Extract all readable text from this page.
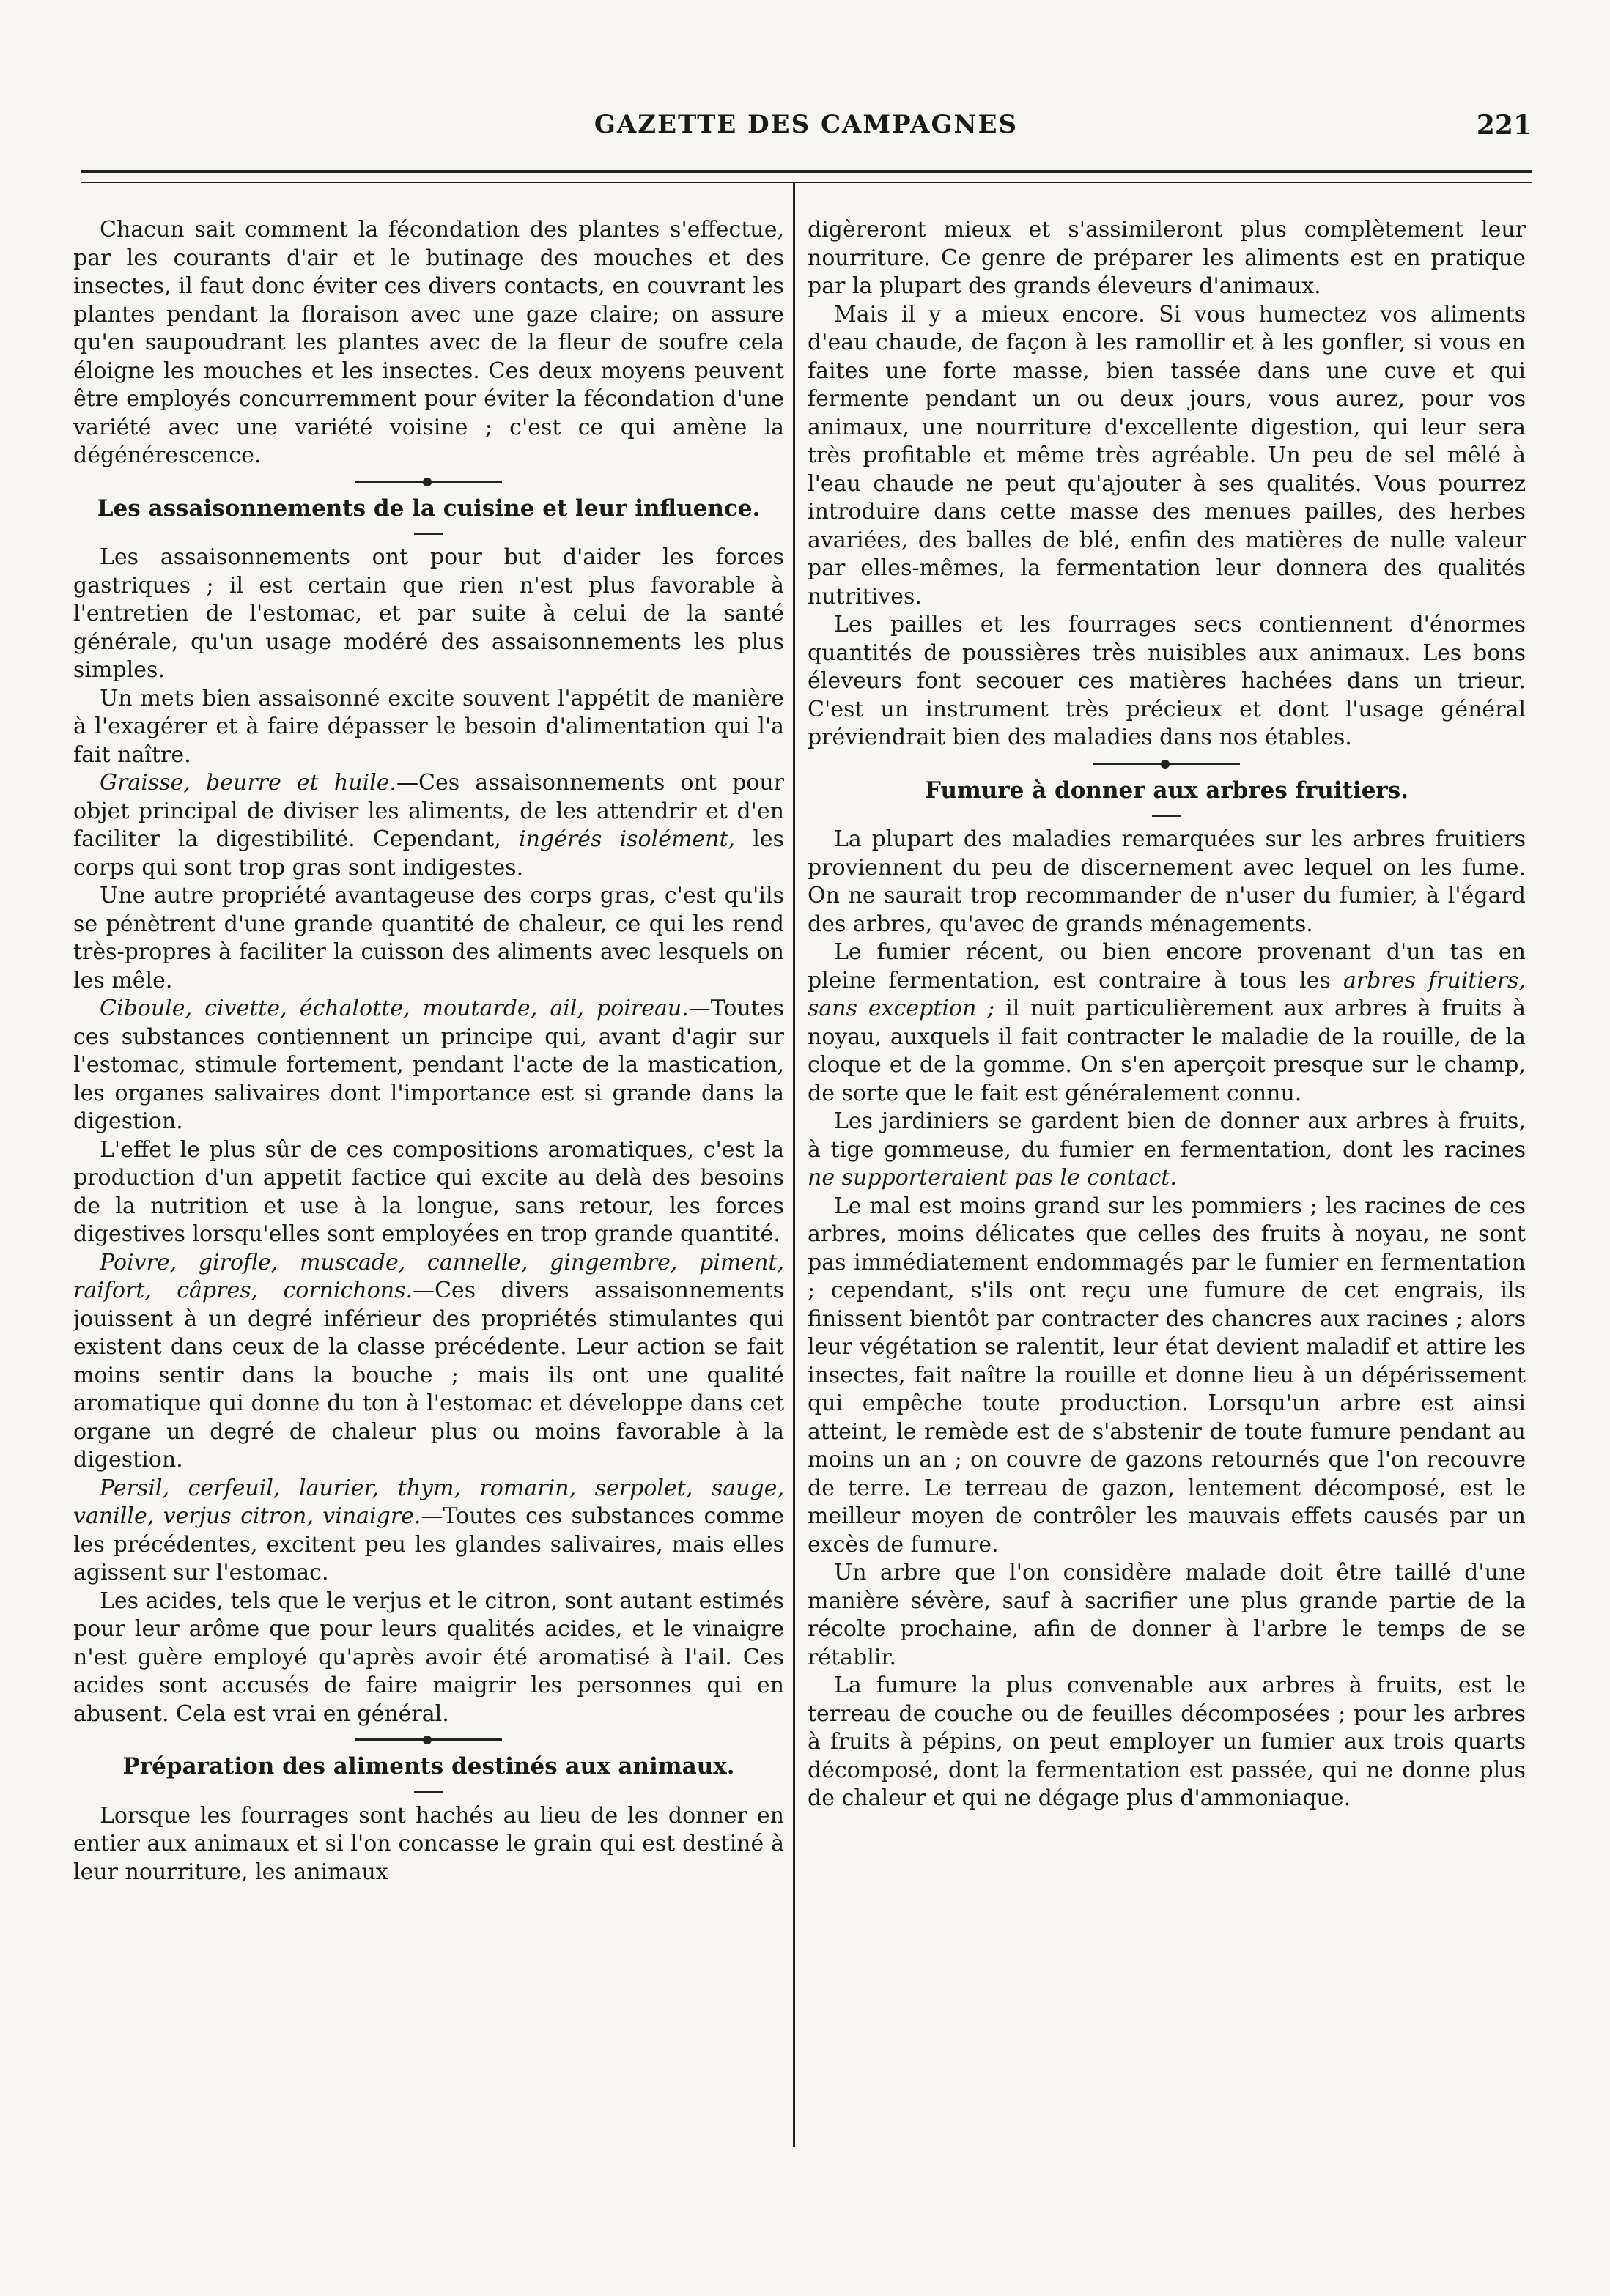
GAZETTE DES CAMPAGNES	221

Chacun sait comment la fécondation des plantes s'effectue, par les courants d'air et le butinage des mouches et des insectes, il faut donc éviter ces divers contacts, en couvrant les plantes pendant la floraison avec une gaze claire; on assure qu'en saupoudrant les plantes avec de la fleur de soufre cela éloigne les mouches et les insectes. Ces deux moyens peuvent être employés concurremment pour éviter la fécondation d'une variété avec une variété voisine ; c'est ce qui amène la dégénérescence.

Les assaisonnements de la cuisine et leur influence.

Les assaisonnements ont pour but d'aider les forces gastriques ; il est certain que rien n'est plus favorable à l'entretien de l'estomac, et par suite à celui de la santé générale, qu'un usage modéré des assaisonnements les plus simples.

Un mets bien assaisonné excite souvent l'appétit de manière à l'exagérer et à faire dépasser le besoin d'alimentation qui l'a fait naître.

Graisse, beurre et huile.—Ces assaisonnements ont pour objet principal de diviser les aliments, de les attendrir et d'en faciliter la digestibilité. Cependant, ingérés isolément, les corps qui sont trop gras sont indigestes.

Une autre propriété avantageuse des corps gras, c'est qu'ils se pénètrent d'une grande quantité de chaleur, ce qui les rend très-propres à faciliter la cuisson des aliments avec lesquels on les mêle.

Ciboule, civette, échalotte, moutarde, ail, poireau.—Toutes ces substances contiennent un principe qui, avant d'agir sur l'estomac, stimule fortement, pendant l'acte de la mastication, les organes salivaires dont l'importance est si grande dans la digestion.

L'effet le plus sûr de ces compositions aromatiques, c'est la production d'un appetit factice qui excite au delà des besoins de la nutrition et use à la longue, sans retour, les forces digestives lorsqu'elles sont employées en trop grande quantité.

Poivre, girofle, muscade, cannelle, gingembre, piment, raifort, câpres, cornichons.—Ces divers assaisonnements jouissent à un degré inférieur des propriétés stimulantes qui existent dans ceux de la classe précédente. Leur action se fait moins sentir dans la bouche ; mais ils ont une qualité aromatique qui donne du ton à l'estomac et développe dans cet organe un degré de chaleur plus ou moins favorable à la digestion.

Persil, cerfeuil, laurier, thym, romarin, serpolet, sauge, vanille, verjus citron, vinaigre.—Toutes ces substances comme les précédentes, excitent peu les glandes salivaires, mais elles agissent sur l'estomac.

Les acides, tels que le verjus et le citron, sont autant estimés pour leur arôme que pour leurs qualités acides, et le vinaigre n'est guère employé qu'après avoir été aromatisé à l'ail. Ces acides sont accusés de faire maigrir les personnes qui en abusent. Cela est vrai en général.

Préparation des aliments destinés aux animaux.

Lorsque les fourrages sont hachés au lieu de les donner en entier aux animaux et si l'on concasse le grain qui est destiné à leur nourriture, les animaux

digèreront mieux et s'assimileront plus complètement leur nourriture. Ce genre de préparer les aliments est en pratique par la plupart des grands éleveurs d'animaux.

Mais il y a mieux encore. Si vous humectez vos aliments d'eau chaude, de façon à les ramollir et à les gonfler, si vous en faites une forte masse, bien tassée dans une cuve et qui fermente pendant un ou deux jours, vous aurez, pour vos animaux, une nourriture d'excellente digestion, qui leur sera très profitable et même très agréable. Un peu de sel mêlé à l'eau chaude ne peut qu'ajouter à ses qualités. Vous pourrez introduire dans cette masse des menues pailles, des herbes avariées, des balles de blé, enfin des matières de nulle valeur par elles-mêmes, la fermentation leur donnera des qualités nutritives.

Les pailles et les fourrages secs contiennent d'énormes quantités de poussières très nuisibles aux animaux. Les bons éleveurs font secouer ces matières hachées dans un trieur. C'est un instrument très précieux et dont l'usage général préviendrait bien des maladies dans nos étables.

Fumure à donner aux arbres fruitiers.

La plupart des maladies remarquées sur les arbres fruitiers proviennent du peu de discernement avec lequel on les fume. On ne saurait trop recommander de n'user du fumier, à l'égard des arbres, qu'avec de grands ménagements.

Le fumier récent, ou bien encore provenant d'un tas en pleine fermentation, est contraire à tous les arbres fruitiers, sans exception ; il nuit particulièrement aux arbres à fruits à noyau, auxquels il fait contracter le maladie de la rouille, de la cloque et de la gomme. On s'en aperçoit presque sur le champ, de sorte que le fait est généralement connu.

Les jardiniers se gardent bien de donner aux arbres à fruits, à tige gommeuse, du fumier en fermentation, dont les racines ne supporteraient pas le contact.

Le mal est moins grand sur les pommiers ; les racines de ces arbres, moins délicates que celles des fruits à noyau, ne sont pas immédiatement endommagés par le fumier en fermentation ; cependant, s'ils ont reçu une fumure de cet engrais, ils finissent bientôt par contracter des chancres aux racines ; alors leur végétation se ralentit, leur état devient maladif et attire les insectes, fait naître la rouille et donne lieu à un dépérissement qui empêche toute production. Lorsqu'un arbre est ainsi atteint, le remède est de s'abstenir de toute fumure pendant au moins un an ; on couvre de gazons retournés que l'on recouvre de terre. Le terreau de gazon, lentement décomposé, est le meilleur moyen de contrôler les mauvais effets causés par un excès de fumure.

Un arbre que l'on considère malade doit être taillé d'une manière sévère, sauf à sacrifier une plus grande partie de la récolte prochaine, afin de donner à l'arbre le temps de se rétablir.

La fumure la plus convenable aux arbres à fruits, est le terreau de couche ou de feuilles décomposées ; pour les arbres à fruits à pépins, on peut employer un fumier aux trois quarts décomposé, dont la fermentation est passée, qui ne donne plus de chaleur et qui ne dégage plus d'ammoniaque.
